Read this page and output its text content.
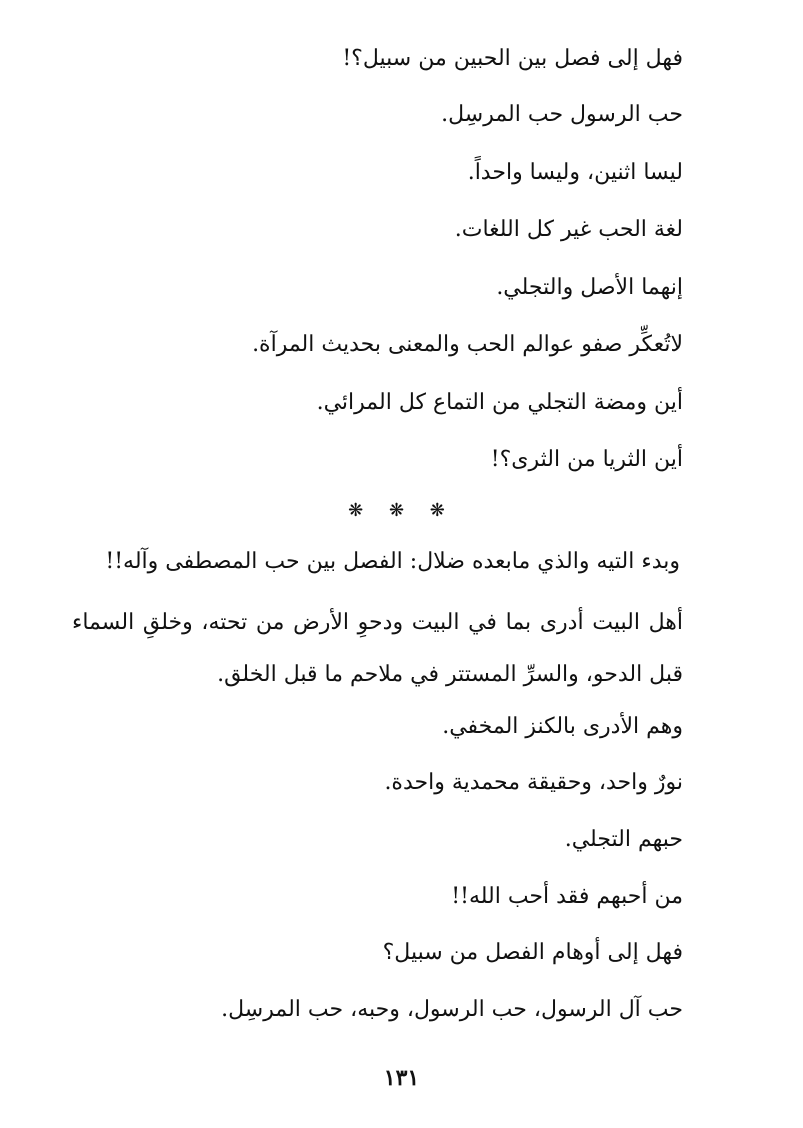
فهل إلى فصل بين الحبين من سبيل؟!
حب الرسول حب المرسِل.
ليسا اثنين، وليسا واحداً.
لغة الحب غير كل اللغات.
إنهما الأصل والتجلي.
لاتُعكِّر صفو عوالم الحب والمعنى بحديث المرآة.
أين ومضة التجلي من التماع كل المرائي.
أين الثريا من الثرى؟!
❋ ❋ ❋
وبدء التيه والذي مابعده ضلال: الفصل بين حب المصطفى وآله!!
أهل البيت أدرى بما في البيت ودحوِ الأرض من تحته، وخلقِ السماء قبل الدحو، والسرِّ المستتر في ملاحم ما قبل الخلق.
وهم الأدرى بالكنز المخفي.
نورٌ واحد، وحقيقة محمدية واحدة.
حبهم التجلي.
من أحبهم فقد أحب الله!!
فهل إلى أوهام الفصل من سبيل؟
حب آل الرسول، حب الرسول، وحبه، حب المرسِل.
١٣١
